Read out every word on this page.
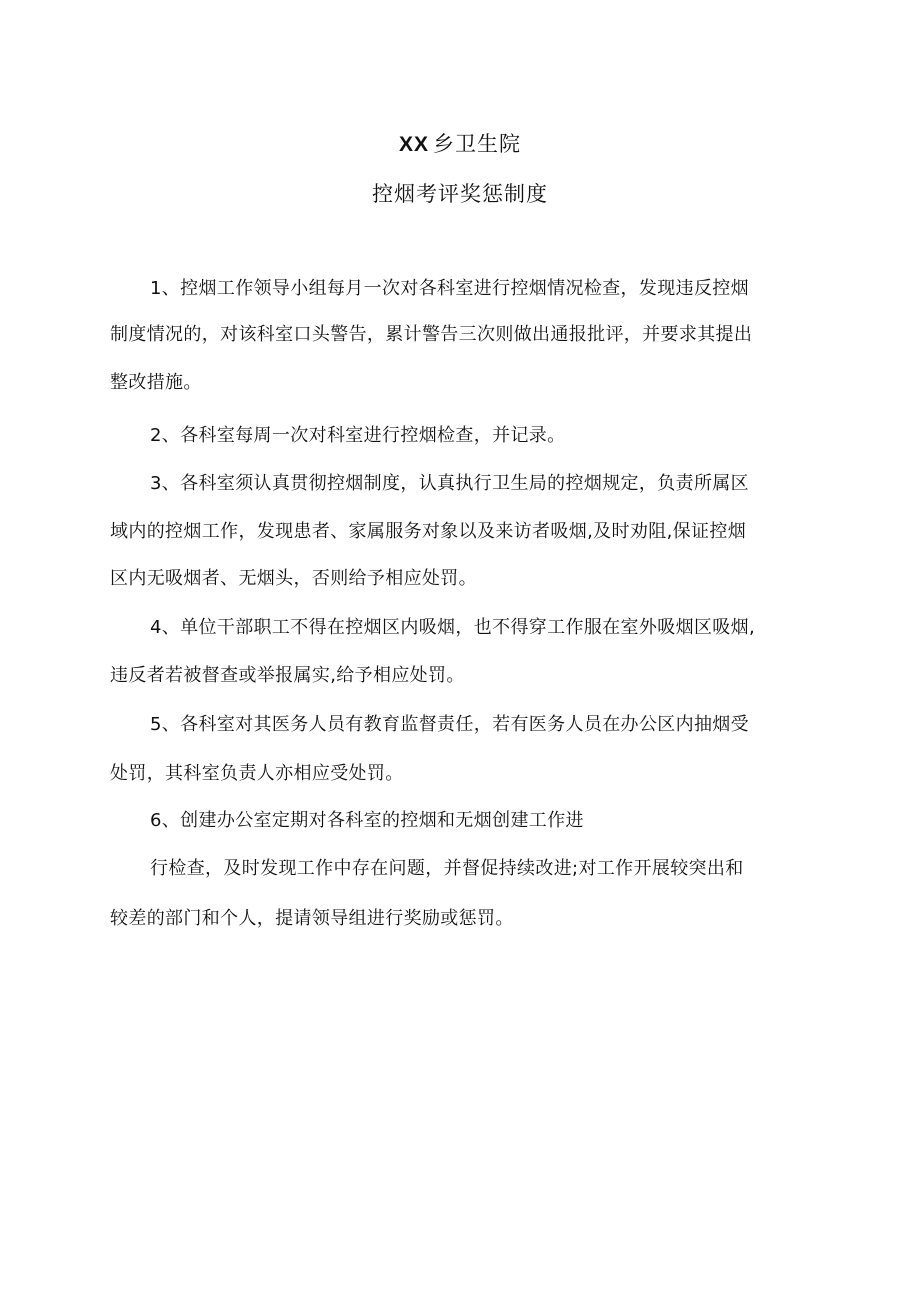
XX 乡卫生院
控烟考评奖惩制度
1、控烟工作领导小组每月一次对各科室进行控烟情况检查，发现违反控烟
制度情况的，对该科室口头警告，累计警告三次则做出通报批评，并要求其提出
整改措施。
2、各科室每周一次对科室进行控烟检查，并记录。
3、各科室须认真贯彻控烟制度，认真执行卫生局的控烟规定，负责所属区
域内的控烟工作，发现患者、家属服务对象以及来访者吸烟,及时劝阻,保证控烟
区内无吸烟者、无烟头，否则给予相应处罚。
4、单位干部职工不得在控烟区内吸烟，也不得穿工作服在室外吸烟区吸烟,
违反者若被督查或举报属实,给予相应处罚。
5、各科室对其医务人员有教育监督责任，若有医务人员在办公区内抽烟受
处罚，其科室负责人亦相应受处罚。
6、创建办公室定期对各科室的控烟和无烟创建工作进
行检查，及时发现工作中存在问题，并督促持续改进;对工作开展较突出和
较差的部门和个人，提请领导组进行奖励或惩罚。
